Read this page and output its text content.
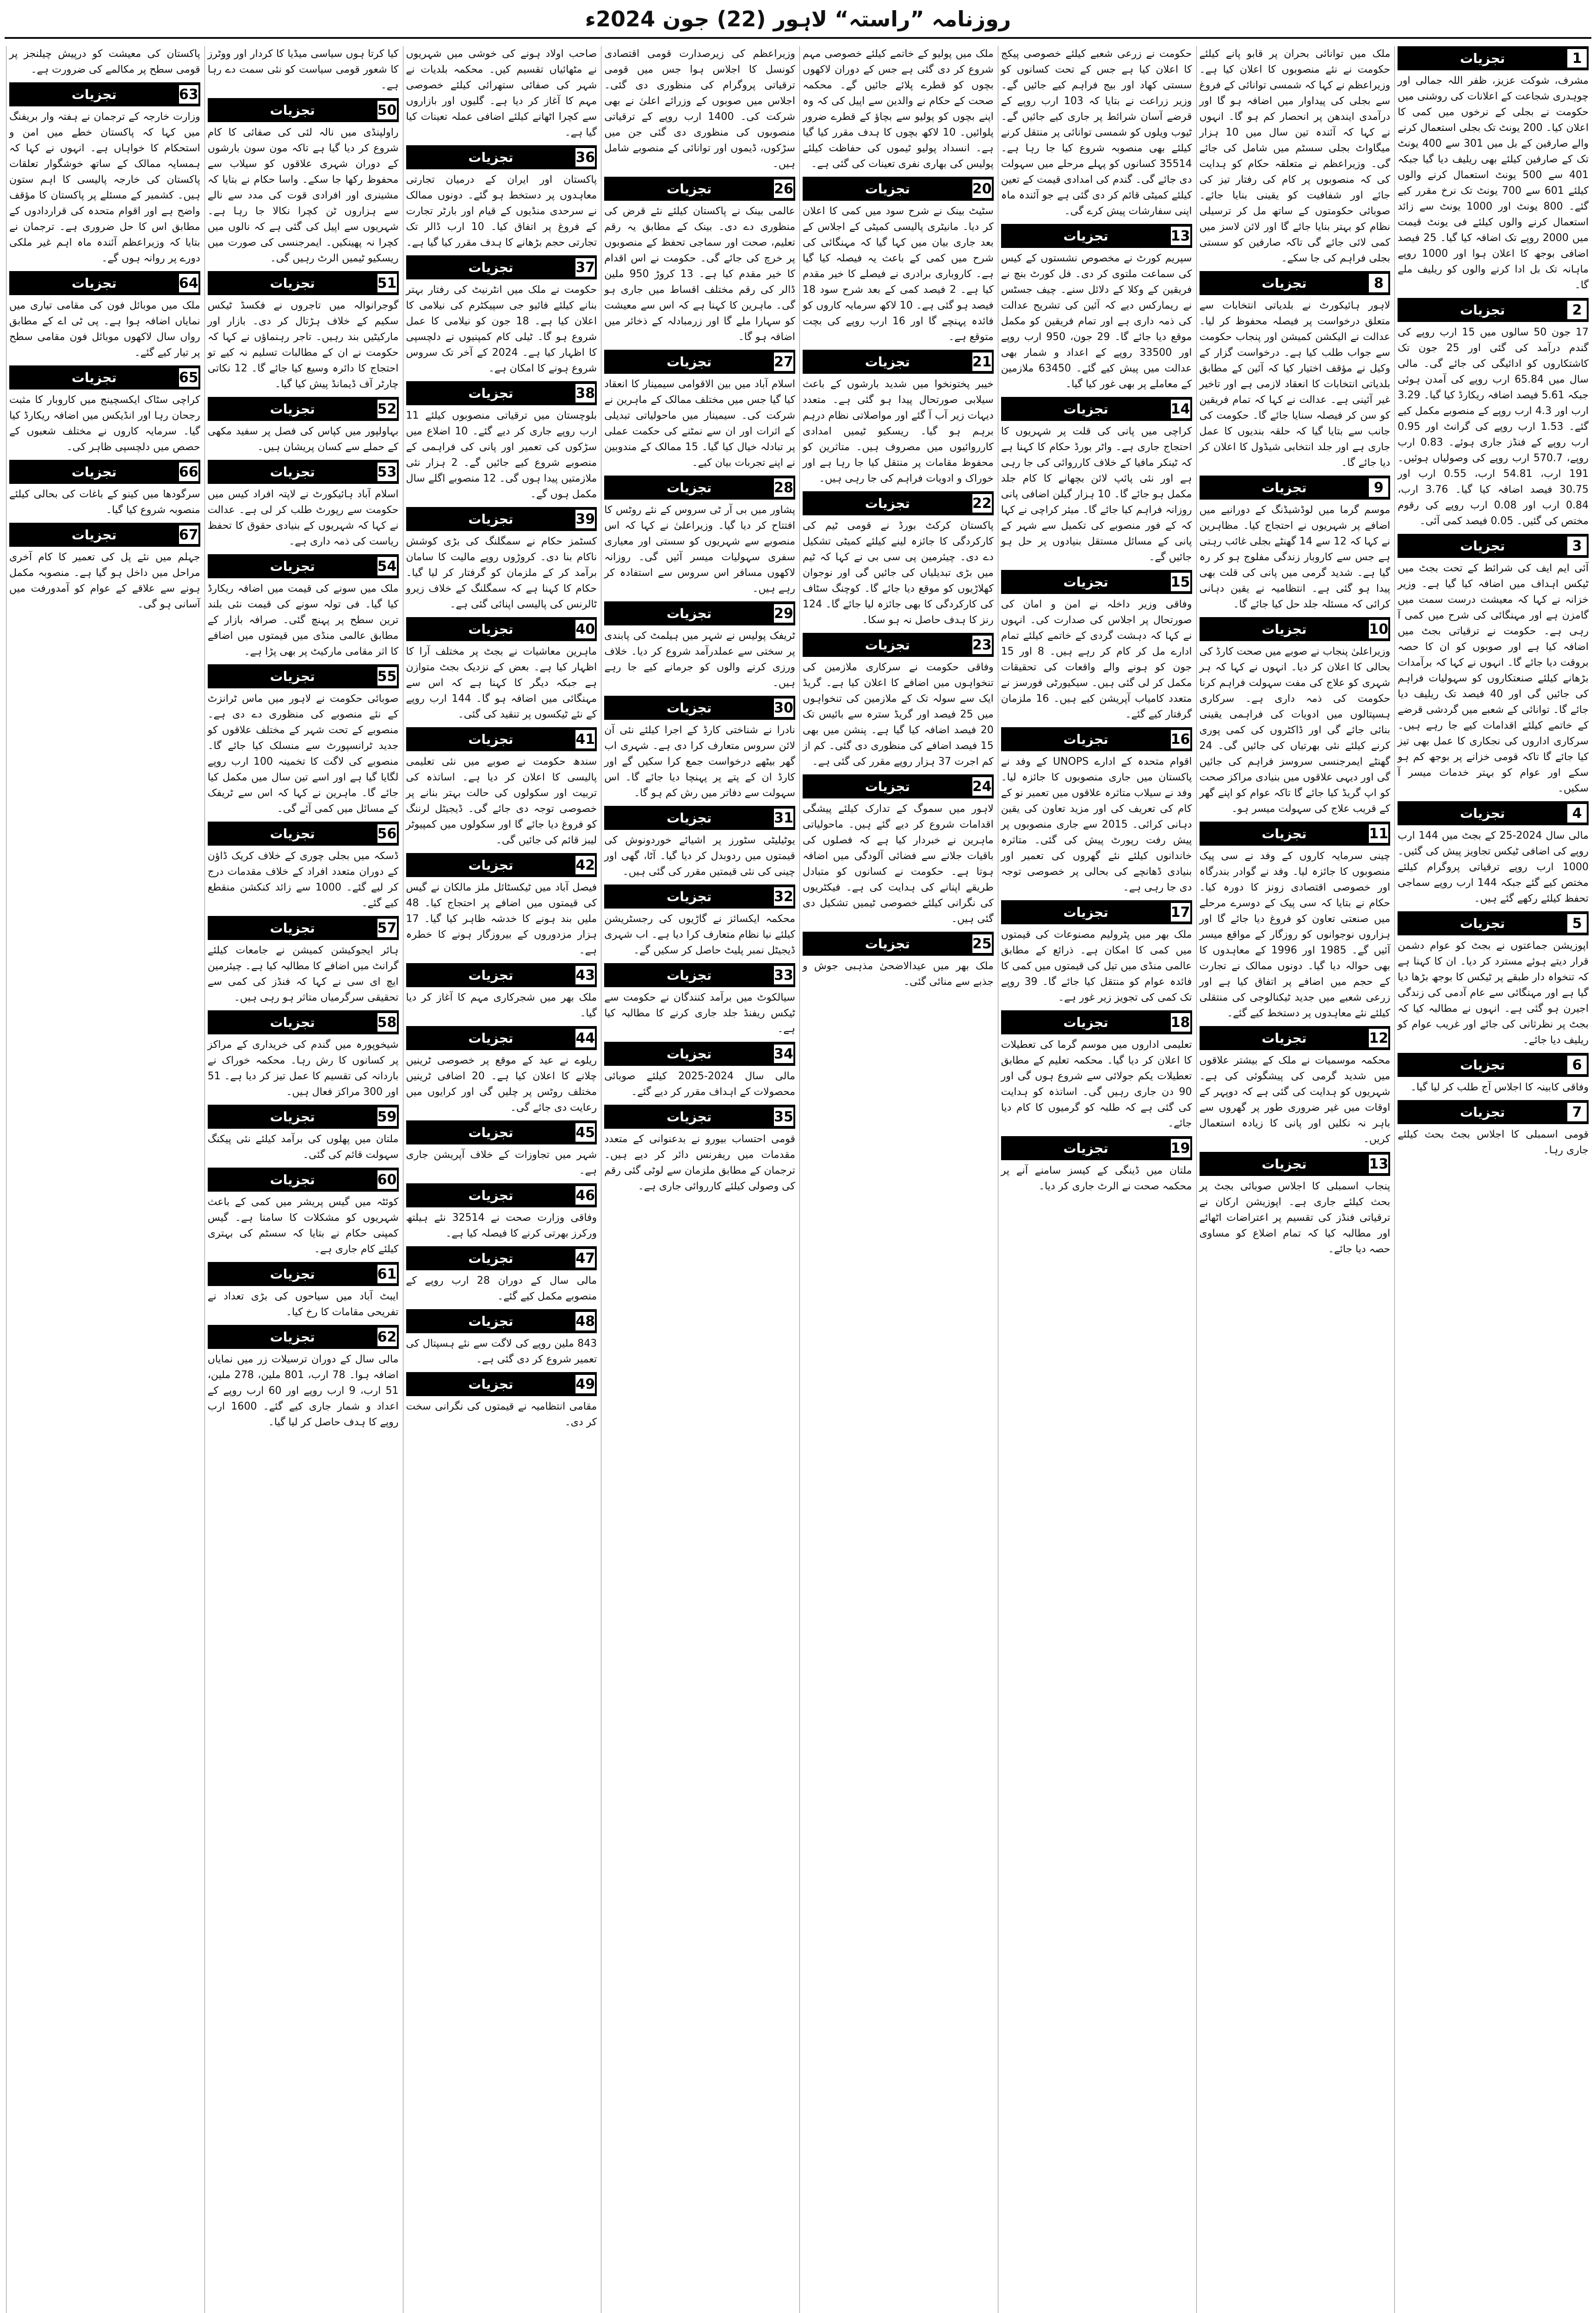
روزنامہ ”راستہ“ لاہور (22) جون 2024ء
1
تجزیات
مشرف، شوکت عزیز، ظفر اللہ جمالی اور چوہدری شجاعت کے اعلانات کی روشنی میں حکومت نے بجلی کے نرخوں میں کمی کا اعلان کیا۔ 200 یونٹ تک بجلی استعمال کرنے والے صارفین کے بل میں 301 سے 400 یونٹ تک کے صارفین کیلئے بھی ریلیف دیا گیا جبکہ 401 سے 500 یونٹ استعمال کرنے والوں کیلئے 601 سے 700 یونٹ تک نرخ مقرر کیے گئے۔ 800 یونٹ اور 1000 یونٹ سے زائد استعمال کرنے والوں کیلئے فی یونٹ قیمت میں 2000 روپے تک اضافہ کیا گیا۔ 25 فیصد اضافی بوجھ کا اعلان ہوا اور 1000 روپے ماہانہ تک بل ادا کرنے والوں کو ریلیف ملے گا۔
2
تجزیات
17 جون 50 سالوں میں 15 ارب روپے کی گندم درآمد کی گئی اور 25 جون تک کاشتکاروں کو ادائیگی کی جائے گی۔ مالی سال میں 65.84 ارب روپے کی آمدن ہوئی جبکہ 5.61 فیصد اضافہ ریکارڈ کیا گیا۔ 3.29 ارب اور 4.3 ارب روپے کے منصوبے مکمل کیے گئے۔ 1.53 ارب روپے کی گرانٹ اور 0.95 ارب روپے کے فنڈز جاری ہوئے۔ 0.83 ارب روپے، 570.7 ارب روپے کی وصولیاں ہوئیں۔ 191 ارب، 54.81 ارب، 0.55 ارب اور 30.75 فیصد اضافہ کیا گیا۔ 3.76 ارب، 0.84 ارب اور 0.08 ارب روپے کی رقوم مختص کی گئیں۔ 0.05 فیصد کمی آئی۔
3
تجزیات
آئی ایم ایف کی شرائط کے تحت بجٹ میں ٹیکس اہداف میں اضافہ کیا گیا ہے۔ وزیر خزانہ نے کہا کہ معیشت درست سمت میں گامزن ہے اور مہنگائی کی شرح میں کمی آ رہی ہے۔ حکومت نے ترقیاتی بجٹ میں اضافہ کیا ہے اور صوبوں کو ان کا حصہ بروقت دیا جائے گا۔ انہوں نے کہا کہ برآمدات بڑھانے کیلئے صنعتکاروں کو سہولیات فراہم کی جائیں گی اور 40 فیصد تک ریلیف دیا جائے گا۔ توانائی کے شعبے میں گردشی قرضے کے خاتمے کیلئے اقدامات کیے جا رہے ہیں۔ سرکاری اداروں کی نجکاری کا عمل بھی تیز کیا جائے گا تاکہ قومی خزانے پر بوجھ کم ہو سکے اور عوام کو بہتر خدمات میسر آ سکیں۔
4
تجزیات
مالی سال 2024-25 کے بجٹ میں 144 ارب روپے کی اضافی ٹیکس تجاویز پیش کی گئیں۔ 1000 ارب روپے ترقیاتی پروگرام کیلئے مختص کیے گئے جبکہ 144 ارب روپے سماجی تحفظ کیلئے رکھے گئے ہیں۔
5
تجزیات
اپوزیشن جماعتوں نے بجٹ کو عوام دشمن قرار دیتے ہوئے مسترد کر دیا۔ ان کا کہنا ہے کہ تنخواہ دار طبقے پر ٹیکس کا بوجھ بڑھا دیا گیا ہے اور مہنگائی سے عام آدمی کی زندگی اجیرن ہو گئی ہے۔ انہوں نے مطالبہ کیا کہ بجٹ پر نظرثانی کی جائے اور غریب عوام کو ریلیف دیا جائے۔
6
تجزیات
وفاقی کابینہ کا اجلاس آج طلب کر لیا گیا۔
7
تجزیات
قومی اسمبلی کا اجلاس بجٹ بحث کیلئے جاری رہا۔
ملک میں توانائی بحران پر قابو پانے کیلئے حکومت نے نئے منصوبوں کا اعلان کیا ہے۔ وزیراعظم نے کہا کہ شمسی توانائی کے فروغ سے بجلی کی پیداوار میں اضافہ ہو گا اور درآمدی ایندھن پر انحصار کم ہو گا۔ انہوں نے کہا کہ آئندہ تین سال میں 10 ہزار میگاواٹ بجلی سسٹم میں شامل کی جائے گی۔ وزیراعظم نے متعلقہ حکام کو ہدایت کی کہ منصوبوں پر کام کی رفتار تیز کی جائے اور شفافیت کو یقینی بنایا جائے۔ صوبائی حکومتوں کے ساتھ مل کر ترسیلی نظام کو بہتر بنایا جائے گا اور لائن لاسز میں کمی لائی جائے گی تاکہ صارفین کو سستی بجلی فراہم کی جا سکے۔
8
تجزیات
لاہور ہائیکورٹ نے بلدیاتی انتخابات سے متعلق درخواست پر فیصلہ محفوظ کر لیا۔ عدالت نے الیکشن کمیشن اور پنجاب حکومت سے جواب طلب کیا ہے۔ درخواست گزار کے وکیل نے مؤقف اختیار کیا کہ آئین کے مطابق بلدیاتی انتخابات کا انعقاد لازمی ہے اور تاخیر غیر آئینی ہے۔ عدالت نے کہا کہ تمام فریقین کو سن کر فیصلہ سنایا جائے گا۔ حکومت کی جانب سے بتایا گیا کہ حلقہ بندیوں کا عمل جاری ہے اور جلد انتخابی شیڈول کا اعلان کر دیا جائے گا۔
9
تجزیات
موسم گرما میں لوڈشیڈنگ کے دورانیے میں اضافے پر شہریوں نے احتجاج کیا۔ مظاہرین نے کہا کہ 12 سے 14 گھنٹے بجلی غائب رہتی ہے جس سے کاروبار زندگی مفلوج ہو کر رہ گیا ہے۔ شدید گرمی میں پانی کی قلت بھی پیدا ہو گئی ہے۔ انتظامیہ نے یقین دہانی کرائی کہ مسئلہ جلد حل کیا جائے گا۔
10
تجزیات
وزیراعلیٰ پنجاب نے صوبے میں صحت کارڈ کی بحالی کا اعلان کر دیا۔ انہوں نے کہا کہ ہر شہری کو علاج کی مفت سہولت فراہم کرنا حکومت کی ذمہ داری ہے۔ سرکاری ہسپتالوں میں ادویات کی فراہمی یقینی بنائی جائے گی اور ڈاکٹروں کی کمی پوری کرنے کیلئے نئی بھرتیاں کی جائیں گی۔ 24 گھنٹے ایمرجنسی سروسز فراہم کی جائیں گی اور دیہی علاقوں میں بنیادی مراکز صحت کو اپ گریڈ کیا جائے گا تاکہ عوام کو اپنے گھر کے قریب علاج کی سہولت میسر ہو۔
11
تجزیات
چینی سرمایہ کاروں کے وفد نے سی پیک منصوبوں کا جائزہ لیا۔ وفد نے گوادر بندرگاہ اور خصوصی اقتصادی زونز کا دورہ کیا۔ حکام نے بتایا کہ سی پیک کے دوسرے مرحلے میں صنعتی تعاون کو فروغ دیا جائے گا اور ہزاروں نوجوانوں کو روزگار کے مواقع میسر آئیں گے۔ 1985 اور 1996 کے معاہدوں کا بھی حوالہ دیا گیا۔ دونوں ممالک نے تجارت کے حجم میں اضافے پر اتفاق کیا ہے اور زرعی شعبے میں جدید ٹیکنالوجی کی منتقلی کیلئے نئے معاہدوں پر دستخط کیے گئے۔
12
تجزیات
محکمہ موسمیات نے ملک کے بیشتر علاقوں میں شدید گرمی کی پیشگوئی کی ہے۔ شہریوں کو ہدایت کی گئی ہے کہ دوپہر کے اوقات میں غیر ضروری طور پر گھروں سے باہر نہ نکلیں اور پانی کا زیادہ استعمال کریں۔
13
تجزیات
پنجاب اسمبلی کا اجلاس صوبائی بجٹ پر بحث کیلئے جاری ہے۔ اپوزیشن ارکان نے ترقیاتی فنڈز کی تقسیم پر اعتراضات اٹھائے اور مطالبہ کیا کہ تمام اضلاع کو مساوی حصہ دیا جائے۔
حکومت نے زرعی شعبے کیلئے خصوصی پیکج کا اعلان کیا ہے جس کے تحت کسانوں کو سستی کھاد اور بیج فراہم کیے جائیں گے۔ وزیر زراعت نے بتایا کہ 103 ارب روپے کے قرضے آسان شرائط پر جاری کیے جائیں گے۔ ٹیوب ویلوں کو شمسی توانائی پر منتقل کرنے کیلئے بھی منصوبہ شروع کیا جا رہا ہے۔ 35514 کسانوں کو پہلے مرحلے میں سہولت دی جائے گی۔ گندم کی امدادی قیمت کے تعین کیلئے کمیٹی قائم کر دی گئی ہے جو آئندہ ماہ اپنی سفارشات پیش کرے گی۔
13
تجزیات
سپریم کورٹ نے مخصوص نشستوں کے کیس کی سماعت ملتوی کر دی۔ فل کورٹ بنچ نے فریقین کے وکلا کے دلائل سنے۔ چیف جسٹس نے ریمارکس دیے کہ آئین کی تشریح عدالت کی ذمہ داری ہے اور تمام فریقین کو مکمل موقع دیا جائے گا۔ 29 جون، 950 ارب روپے اور 33500 روپے کے اعداد و شمار بھی عدالت میں پیش کیے گئے۔ 63450 ملازمین کے معاملے پر بھی غور کیا گیا۔
14
تجزیات
کراچی میں پانی کی قلت پر شہریوں کا احتجاج جاری ہے۔ واٹر بورڈ حکام کا کہنا ہے کہ ٹینکر مافیا کے خلاف کارروائی کی جا رہی ہے اور نئی پائپ لائن بچھانے کا کام جلد مکمل ہو جائے گا۔ 10 ہزار گیلن اضافی پانی روزانہ فراہم کیا جائے گا۔ میئر کراچی نے کہا کہ کے فور منصوبے کی تکمیل سے شہر کے پانی کے مسائل مستقل بنیادوں پر حل ہو جائیں گے۔
15
تجزیات
وفاقی وزیر داخلہ نے امن و امان کی صورتحال پر اجلاس کی صدارت کی۔ انہوں نے کہا کہ دہشت گردی کے خاتمے کیلئے تمام ادارے مل کر کام کر رہے ہیں۔ 8 اور 15 جون کو ہونے والے واقعات کی تحقیقات مکمل کر لی گئی ہیں۔ سیکیورٹی فورسز نے متعدد کامیاب آپریشن کیے ہیں۔ 16 ملزمان گرفتار کیے گئے۔
16
تجزیات
اقوام متحدہ کے ادارے UNOPS کے وفد نے پاکستان میں جاری منصوبوں کا جائزہ لیا۔ وفد نے سیلاب متاثرہ علاقوں میں تعمیر نو کے کام کی تعریف کی اور مزید تعاون کی یقین دہانی کرائی۔ 2015 سے جاری منصوبوں پر پیش رفت رپورٹ پیش کی گئی۔ متاثرہ خاندانوں کیلئے نئے گھروں کی تعمیر اور بنیادی ڈھانچے کی بحالی پر خصوصی توجہ دی جا رہی ہے۔
17
تجزیات
ملک بھر میں پٹرولیم مصنوعات کی قیمتوں میں کمی کا امکان ہے۔ ذرائع کے مطابق عالمی منڈی میں تیل کی قیمتوں میں کمی کا فائدہ عوام کو منتقل کیا جائے گا۔ 39 روپے تک کمی کی تجویز زیر غور ہے۔
18
تجزیات
تعلیمی اداروں میں موسم گرما کی تعطیلات کا اعلان کر دیا گیا۔ محکمہ تعلیم کے مطابق تعطیلات یکم جولائی سے شروع ہوں گی اور 90 دن جاری رہیں گی۔ اساتذہ کو ہدایت کی گئی ہے کہ طلبہ کو گرمیوں کا کام دیا جائے۔
19
تجزیات
ملتان میں ڈینگی کے کیسز سامنے آنے پر محکمہ صحت نے الرٹ جاری کر دیا۔
ملک میں پولیو کے خاتمے کیلئے خصوصی مہم شروع کر دی گئی ہے جس کے دوران لاکھوں بچوں کو قطرے پلائے جائیں گے۔ محکمہ صحت کے حکام نے والدین سے اپیل کی کہ وہ اپنے بچوں کو پولیو سے بچاؤ کے قطرے ضرور پلوائیں۔ 10 لاکھ بچوں کا ہدف مقرر کیا گیا ہے۔ انسداد پولیو ٹیموں کی حفاظت کیلئے پولیس کی بھاری نفری تعینات کی گئی ہے۔
20
تجزیات
سٹیٹ بینک نے شرح سود میں کمی کا اعلان کر دیا۔ مانیٹری پالیسی کمیٹی کے اجلاس کے بعد جاری بیان میں کہا گیا کہ مہنگائی کی شرح میں کمی کے باعث یہ فیصلہ کیا گیا ہے۔ کاروباری برادری نے فیصلے کا خیر مقدم کیا ہے۔ 2 فیصد کمی کے بعد شرح سود 18 فیصد ہو گئی ہے۔ 10 لاکھ سرمایہ کاروں کو فائدہ پہنچے گا اور 16 ارب روپے کی بچت متوقع ہے۔
21
تجزیات
خیبر پختونخوا میں شدید بارشوں کے باعث سیلابی صورتحال پیدا ہو گئی ہے۔ متعدد دیہات زیر آب آ گئے اور مواصلاتی نظام درہم برہم ہو گیا۔ ریسکیو ٹیمیں امدادی کارروائیوں میں مصروف ہیں۔ متاثرین کو محفوظ مقامات پر منتقل کیا جا رہا ہے اور خوراک و ادویات فراہم کی جا رہی ہیں۔
22
تجزیات
پاکستان کرکٹ بورڈ نے قومی ٹیم کی کارکردگی کا جائزہ لینے کیلئے کمیٹی تشکیل دے دی۔ چیئرمین پی سی بی نے کہا کہ ٹیم میں بڑی تبدیلیاں کی جائیں گی اور نوجوان کھلاڑیوں کو موقع دیا جائے گا۔ کوچنگ سٹاف کی کارکردگی کا بھی جائزہ لیا جائے گا۔ 124 رنز کا ہدف حاصل نہ ہو سکا۔
23
تجزیات
وفاقی حکومت نے سرکاری ملازمین کی تنخواہوں میں اضافے کا اعلان کیا ہے۔ گریڈ ایک سے سولہ تک کے ملازمین کی تنخواہوں میں 25 فیصد اور گریڈ سترہ سے بائیس تک 20 فیصد اضافہ کیا گیا ہے۔ پنشن میں بھی 15 فیصد اضافے کی منظوری دی گئی۔ کم از کم اجرت 37 ہزار روپے مقرر کی گئی ہے۔
24
تجزیات
لاہور میں سموگ کے تدارک کیلئے پیشگی اقدامات شروع کر دیے گئے ہیں۔ ماحولیاتی ماہرین نے خبردار کیا ہے کہ فصلوں کی باقیات جلانے سے فضائی آلودگی میں اضافہ ہوتا ہے۔ حکومت نے کسانوں کو متبادل طریقے اپنانے کی ہدایت کی ہے۔ فیکٹریوں کی نگرانی کیلئے خصوصی ٹیمیں تشکیل دی گئی ہیں۔
25
تجزیات
ملک بھر میں عیدالاضحیٰ مذہبی جوش و جذبے سے منائی گئی۔
وزیراعظم کی زیرصدارت قومی اقتصادی کونسل کا اجلاس ہوا جس میں قومی ترقیاتی پروگرام کی منظوری دی گئی۔ اجلاس میں صوبوں کے وزرائے اعلیٰ نے بھی شرکت کی۔ 1400 ارب روپے کے ترقیاتی منصوبوں کی منظوری دی گئی جن میں سڑکوں، ڈیموں اور توانائی کے منصوبے شامل ہیں۔
26
تجزیات
عالمی بینک نے پاکستان کیلئے نئے قرض کی منظوری دے دی۔ بینک کے مطابق یہ رقم تعلیم، صحت اور سماجی تحفظ کے منصوبوں پر خرچ کی جائے گی۔ حکومت نے اس اقدام کا خیر مقدم کیا ہے۔ 13 کروڑ 950 ملین ڈالر کی رقم مختلف اقساط میں جاری ہو گی۔ ماہرین کا کہنا ہے کہ اس سے معیشت کو سہارا ملے گا اور زرمبادلہ کے ذخائر میں اضافہ ہو گا۔
27
تجزیات
اسلام آباد میں بین الاقوامی سیمینار کا انعقاد کیا گیا جس میں مختلف ممالک کے ماہرین نے شرکت کی۔ سیمینار میں ماحولیاتی تبدیلی کے اثرات اور ان سے نمٹنے کی حکمت عملی پر تبادلہ خیال کیا گیا۔ 15 ممالک کے مندوبین نے اپنے تجربات بیان کیے۔
28
تجزیات
پشاور میں بی آر ٹی سروس کے نئے روٹس کا افتتاح کر دیا گیا۔ وزیراعلیٰ نے کہا کہ اس منصوبے سے شہریوں کو سستی اور معیاری سفری سہولیات میسر آئیں گی۔ روزانہ لاکھوں مسافر اس سروس سے استفادہ کر رہے ہیں۔
29
تجزیات
ٹریفک پولیس نے شہر میں ہیلمٹ کی پابندی پر سختی سے عملدرآمد شروع کر دیا۔ خلاف ورزی کرنے والوں کو جرمانے کیے جا رہے ہیں۔
30
تجزیات
نادرا نے شناختی کارڈ کے اجرا کیلئے نئی آن لائن سروس متعارف کرا دی ہے۔ شہری اب گھر بیٹھے درخواست جمع کرا سکیں گے اور کارڈ ان کے پتے پر پہنچا دیا جائے گا۔ اس سہولت سے دفاتر میں رش کم ہو گا۔
31
تجزیات
یوٹیلیٹی سٹورز پر اشیائے خوردونوش کی قیمتوں میں ردوبدل کر دیا گیا۔ آٹا، گھی اور چینی کی نئی قیمتیں مقرر کی گئی ہیں۔
32
تجزیات
محکمہ ایکسائز نے گاڑیوں کی رجسٹریشن کیلئے نیا نظام متعارف کرا دیا ہے۔ اب شہری ڈیجیٹل نمبر پلیٹ حاصل کر سکیں گے۔
33
تجزیات
سیالکوٹ میں برآمد کنندگان نے حکومت سے ٹیکس ریفنڈ جلد جاری کرنے کا مطالبہ کیا ہے۔
34
تجزیات
مالی سال 2024-2025 کیلئے صوبائی محصولات کے اہداف مقرر کر دیے گئے۔
35
تجزیات
قومی احتساب بیورو نے بدعنوانی کے متعدد مقدمات میں ریفرنس دائر کر دیے ہیں۔ ترجمان کے مطابق ملزمان سے لوٹی گئی رقم کی وصولی کیلئے کارروائی جاری ہے۔
صاحب اولاد ہونے کی خوشی میں شہریوں نے مٹھائیاں تقسیم کیں۔ محکمہ بلدیات نے شہر کی صفائی ستھرائی کیلئے خصوصی مہم کا آغاز کر دیا ہے۔ گلیوں اور بازاروں سے کچرا اٹھانے کیلئے اضافی عملہ تعینات کیا گیا ہے۔
36
تجزیات
پاکستان اور ایران کے درمیان تجارتی معاہدوں پر دستخط ہو گئے۔ دونوں ممالک نے سرحدی منڈیوں کے قیام اور بارٹر تجارت کے فروغ پر اتفاق کیا۔ 10 ارب ڈالر تک تجارتی حجم بڑھانے کا ہدف مقرر کیا گیا ہے۔
37
تجزیات
حکومت نے ملک میں انٹرنیٹ کی رفتار بہتر بنانے کیلئے فائیو جی سپیکٹرم کی نیلامی کا اعلان کیا ہے۔ 18 جون کو نیلامی کا عمل شروع ہو گا۔ ٹیلی کام کمپنیوں نے دلچسپی کا اظہار کیا ہے۔ 2024 کے آخر تک سروس شروع ہونے کا امکان ہے۔
38
تجزیات
بلوچستان میں ترقیاتی منصوبوں کیلئے 11 ارب روپے جاری کر دیے گئے۔ 10 اضلاع میں سڑکوں کی تعمیر اور پانی کی فراہمی کے منصوبے شروع کیے جائیں گے۔ 2 ہزار نئی ملازمتیں پیدا ہوں گی۔ 12 منصوبے اگلے سال مکمل ہوں گے۔
39
تجزیات
کسٹمز حکام نے سمگلنگ کی بڑی کوشش ناکام بنا دی۔ کروڑوں روپے مالیت کا سامان برآمد کر کے ملزمان کو گرفتار کر لیا گیا۔ حکام کا کہنا ہے کہ سمگلنگ کے خلاف زیرو ٹالرنس کی پالیسی اپنائی گئی ہے۔
40
تجزیات
ماہرین معاشیات نے بجٹ پر مختلف آرا کا اظہار کیا ہے۔ بعض کے نزدیک بجٹ متوازن ہے جبکہ دیگر کا کہنا ہے کہ اس سے مہنگائی میں اضافہ ہو گا۔ 144 ارب روپے کے نئے ٹیکسوں پر تنقید کی گئی۔
41
تجزیات
سندھ حکومت نے صوبے میں نئی تعلیمی پالیسی کا اعلان کر دیا ہے۔ اساتذہ کی تربیت اور سکولوں کی حالت بہتر بنانے پر خصوصی توجہ دی جائے گی۔ ڈیجیٹل لرننگ کو فروغ دیا جائے گا اور سکولوں میں کمپیوٹر لیبز قائم کی جائیں گی۔
42
تجزیات
فیصل آباد میں ٹیکسٹائل ملز مالکان نے گیس کی قیمتوں میں اضافے پر احتجاج کیا۔ 48 ملیں بند ہونے کا خدشہ ظاہر کیا گیا۔ 17 ہزار مزدوروں کے بیروزگار ہونے کا خطرہ ہے۔
43
تجزیات
ملک بھر میں شجرکاری مہم کا آغاز کر دیا گیا۔
44
تجزیات
ریلوے نے عید کے موقع پر خصوصی ٹرینیں چلانے کا اعلان کیا ہے۔ 20 اضافی ٹرینیں مختلف روٹس پر چلیں گی اور کرایوں میں رعایت دی جائے گی۔
45
تجزیات
شہر میں تجاوزات کے خلاف آپریشن جاری ہے۔
46
تجزیات
وفاقی وزارت صحت نے 32514 نئے ہیلتھ ورکرز بھرتی کرنے کا فیصلہ کیا ہے۔
47
تجزیات
مالی سال کے دوران 28 ارب روپے کے منصوبے مکمل کیے گئے۔
48
تجزیات
843 ملین روپے کی لاگت سے نئے ہسپتال کی تعمیر شروع کر دی گئی ہے۔
49
تجزیات
مقامی انتظامیہ نے قیمتوں کی نگرانی سخت کر دی۔
کیا کرتا ہوں سیاسی میڈیا کا کردار اور ووٹرز کا شعور قومی سیاست کو نئی سمت دے رہا ہے۔
50
تجزیات
راولپنڈی میں نالہ لئی کی صفائی کا کام شروع کر دیا گیا ہے تاکہ مون سون بارشوں کے دوران شہری علاقوں کو سیلاب سے محفوظ رکھا جا سکے۔ واسا حکام نے بتایا کہ مشینری اور افرادی قوت کی مدد سے نالے سے ہزاروں ٹن کچرا نکالا جا رہا ہے۔ شہریوں سے اپیل کی گئی ہے کہ نالوں میں کچرا نہ پھینکیں۔ ایمرجنسی کی صورت میں ریسکیو ٹیمیں الرٹ رہیں گی۔
51
تجزیات
گوجرانوالہ میں تاجروں نے فکسڈ ٹیکس سکیم کے خلاف ہڑتال کر دی۔ بازار اور مارکیٹیں بند رہیں۔ تاجر رہنماؤں نے کہا کہ حکومت نے ان کے مطالبات تسلیم نہ کیے تو احتجاج کا دائرہ وسیع کیا جائے گا۔ 12 نکاتی چارٹر آف ڈیمانڈ پیش کیا گیا۔
52
تجزیات
بہاولپور میں کپاس کی فصل پر سفید مکھی کے حملے سے کسان پریشان ہیں۔
53
تجزیات
اسلام آباد ہائیکورٹ نے لاپتہ افراد کیس میں حکومت سے رپورٹ طلب کر لی ہے۔ عدالت نے کہا کہ شہریوں کے بنیادی حقوق کا تحفظ ریاست کی ذمہ داری ہے۔
54
تجزیات
ملک میں سونے کی قیمت میں اضافہ ریکارڈ کیا گیا۔ فی تولہ سونے کی قیمت نئی بلند ترین سطح پر پہنچ گئی۔ صرافہ بازار کے مطابق عالمی منڈی میں قیمتوں میں اضافے کا اثر مقامی مارکیٹ پر بھی پڑا ہے۔
55
تجزیات
صوبائی حکومت نے لاہور میں ماس ٹرانزٹ کے نئے منصوبے کی منظوری دے دی ہے۔ منصوبے کے تحت شہر کے مختلف علاقوں کو جدید ٹرانسپورٹ سے منسلک کیا جائے گا۔ منصوبے کی لاگت کا تخمینہ 100 ارب روپے لگایا گیا ہے اور اسے تین سال میں مکمل کیا جائے گا۔ ماہرین نے کہا کہ اس سے ٹریفک کے مسائل میں کمی آئے گی۔
56
تجزیات
ڈسکہ میں بجلی چوری کے خلاف کریک ڈاؤن کے دوران متعدد افراد کے خلاف مقدمات درج کر لیے گئے۔ 1000 سے زائد کنکشن منقطع کیے گئے۔
57
تجزیات
ہائر ایجوکیشن کمیشن نے جامعات کیلئے گرانٹ میں اضافے کا مطالبہ کیا ہے۔ چیئرمین ایچ ای سی نے کہا کہ فنڈز کی کمی سے تحقیقی سرگرمیاں متاثر ہو رہی ہیں۔
58
تجزیات
شیخوپورہ میں گندم کی خریداری کے مراکز پر کسانوں کا رش رہا۔ محکمہ خوراک نے باردانہ کی تقسیم کا عمل تیز کر دیا ہے۔ 51 اور 300 مراکز فعال ہیں۔
59
تجزیات
ملتان میں پھلوں کی برآمد کیلئے نئی پیکنگ سہولت قائم کی گئی۔
60
تجزیات
کوئٹہ میں گیس پریشر میں کمی کے باعث شہریوں کو مشکلات کا سامنا ہے۔ گیس کمپنی حکام نے بتایا کہ سسٹم کی بہتری کیلئے کام جاری ہے۔
61
تجزیات
ایبٹ آباد میں سیاحوں کی بڑی تعداد نے تفریحی مقامات کا رخ کیا۔
62
تجزیات
مالی سال کے دوران ترسیلات زر میں نمایاں اضافہ ہوا۔ 78 ارب، 801 ملین، 278 ملین، 51 ارب، 9 ارب روپے اور 60 ارب روپے کے اعداد و شمار جاری کیے گئے۔ 1600 ارب روپے کا ہدف حاصل کر لیا گیا۔
پاکستان کی معیشت کو درپیش چیلنجز پر قومی سطح پر مکالمے کی ضرورت ہے۔
63
تجزیات
وزارت خارجہ کے ترجمان نے ہفتہ وار بریفنگ میں کہا کہ پاکستان خطے میں امن و استحکام کا خواہاں ہے۔ انہوں نے کہا کہ ہمسایہ ممالک کے ساتھ خوشگوار تعلقات پاکستان کی خارجہ پالیسی کا اہم ستون ہیں۔ کشمیر کے مسئلے پر پاکستان کا مؤقف واضح ہے اور اقوام متحدہ کی قراردادوں کے مطابق اس کا حل ضروری ہے۔ ترجمان نے بتایا کہ وزیراعظم آئندہ ماہ اہم غیر ملکی دورے پر روانہ ہوں گے۔
64
تجزیات
ملک میں موبائل فون کی مقامی تیاری میں نمایاں اضافہ ہوا ہے۔ پی ٹی اے کے مطابق رواں سال لاکھوں موبائل فون مقامی سطح پر تیار کیے گئے۔
65
تجزیات
کراچی سٹاک ایکسچینج میں کاروبار کا مثبت رجحان رہا اور انڈیکس میں اضافہ ریکارڈ کیا گیا۔ سرمایہ کاروں نے مختلف شعبوں کے حصص میں دلچسپی ظاہر کی۔
66
تجزیات
سرگودھا میں کینو کے باغات کی بحالی کیلئے منصوبہ شروع کیا گیا۔
67
تجزیات
جہلم میں نئے پل کی تعمیر کا کام آخری مراحل میں داخل ہو گیا ہے۔ منصوبہ مکمل ہونے سے علاقے کے عوام کو آمدورفت میں آسانی ہو گی۔
